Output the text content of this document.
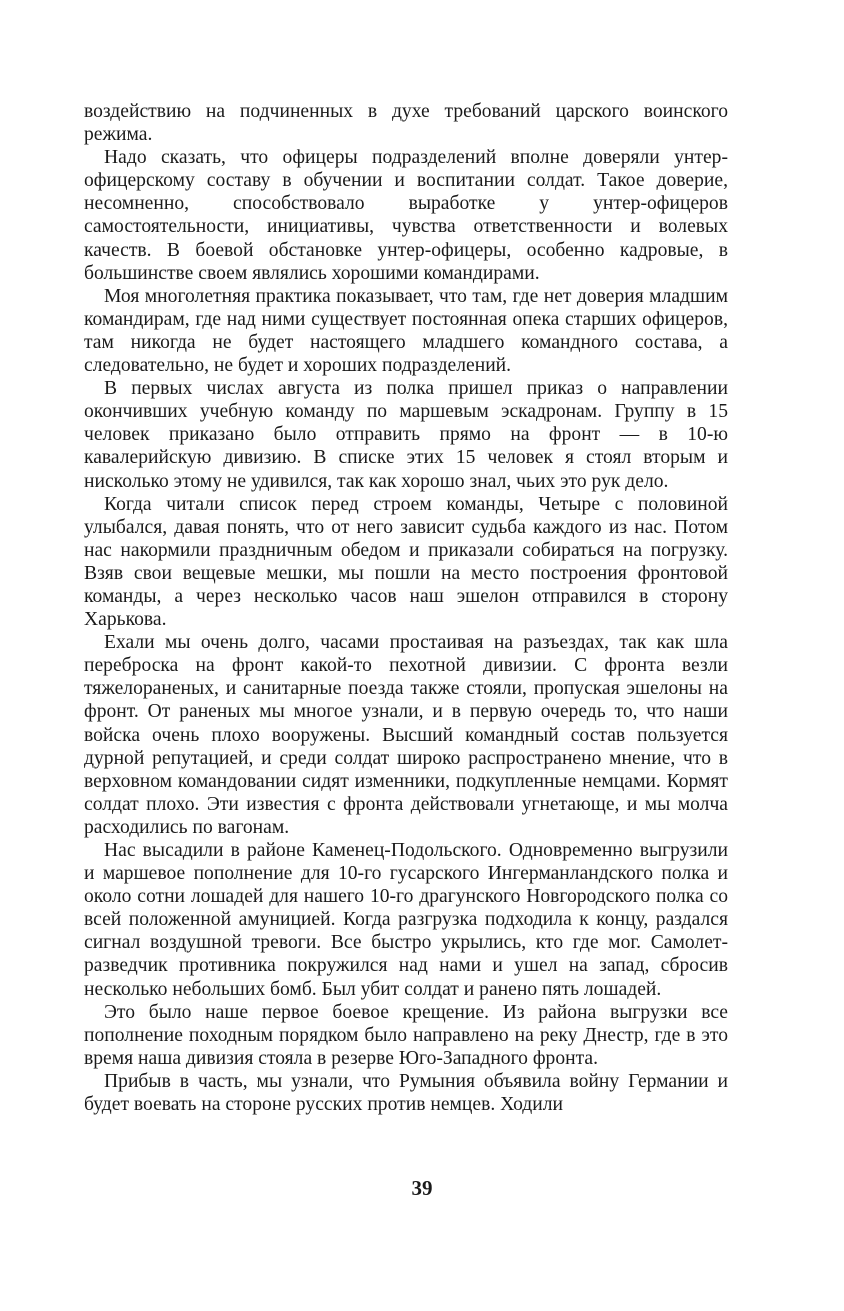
воздействию на подчиненных в духе требований царского воинского режима.

Надо сказать, что офицеры подразделений вполне доверяли унтер-офицерскому составу в обучении и воспитании солдат. Такое доверие, несомненно, способствовало выработке у унтер-офицеров самостоятельности, инициативы, чувства ответственности и волевых качеств. В боевой обстановке унтер-офицеры, особенно кадровые, в большинстве своем являлись хорошими командирами.

Моя многолетняя практика показывает, что там, где нет доверия младшим командирам, где над ними существует постоянная опека старших офицеров, там никогда не будет настоящего младшего командного состава, а следовательно, не будет и хороших подразделений.

В первых числах августа из полка пришел приказ о направлении окончивших учебную команду по маршевым эскадронам. Группу в 15 человек приказано было отправить прямо на фронт — в 10-ю кавалерийскую дивизию. В списке этих 15 человек я стоял вторым и нисколько этому не удивился, так как хорошо знал, чьих это рук дело.

Когда читали список перед строем команды, Четыре с половиной улыбался, давая понять, что от него зависит судьба каждого из нас. Потом нас накормили праздничным обедом и приказали собираться на погрузку. Взяв свои вещевые мешки, мы пошли на место построения фронтовой команды, а через несколько часов наш эшелон отправился в сторону Харькова.

Ехали мы очень долго, часами простаивая на разъездах, так как шла переброска на фронт какой-то пехотной дивизии. С фронта везли тяжелораненых, и санитарные поезда также стояли, пропуская эшелоны на фронт. От раненых мы многое узнали, и в первую очередь то, что наши войска очень плохо вооружены. Высший командный состав пользуется дурной репутацией, и среди солдат широко распространено мнение, что в верховном командовании сидят изменники, подкупленные немцами. Кормят солдат плохо. Эти известия с фронта действовали угнетающе, и мы молча расходились по вагонам.

Нас высадили в районе Каменец-Подольского. Одновременно выгрузили и маршевое пополнение для 10-го гусарского Ингерманландского полка и около сотни лошадей для нашего 10-го драгунского Новгородского полка со всей положенной амуницией. Когда разгрузка подходила к концу, раздался сигнал воздушной тревоги. Все быстро укрылись, кто где мог. Самолет-разведчик противника покружился над нами и ушел на запад, сбросив несколько небольших бомб. Был убит солдат и ранено пять лошадей.

Это было наше первое боевое крещение. Из района выгрузки все пополнение походным порядком было направлено на реку Днестр, где в это время наша дивизия стояла в резерве Юго-Западного фронта.

Прибыв в часть, мы узнали, что Румыния объявила войну Германии и будет воевать на стороне русских против немцев. Ходили

39
